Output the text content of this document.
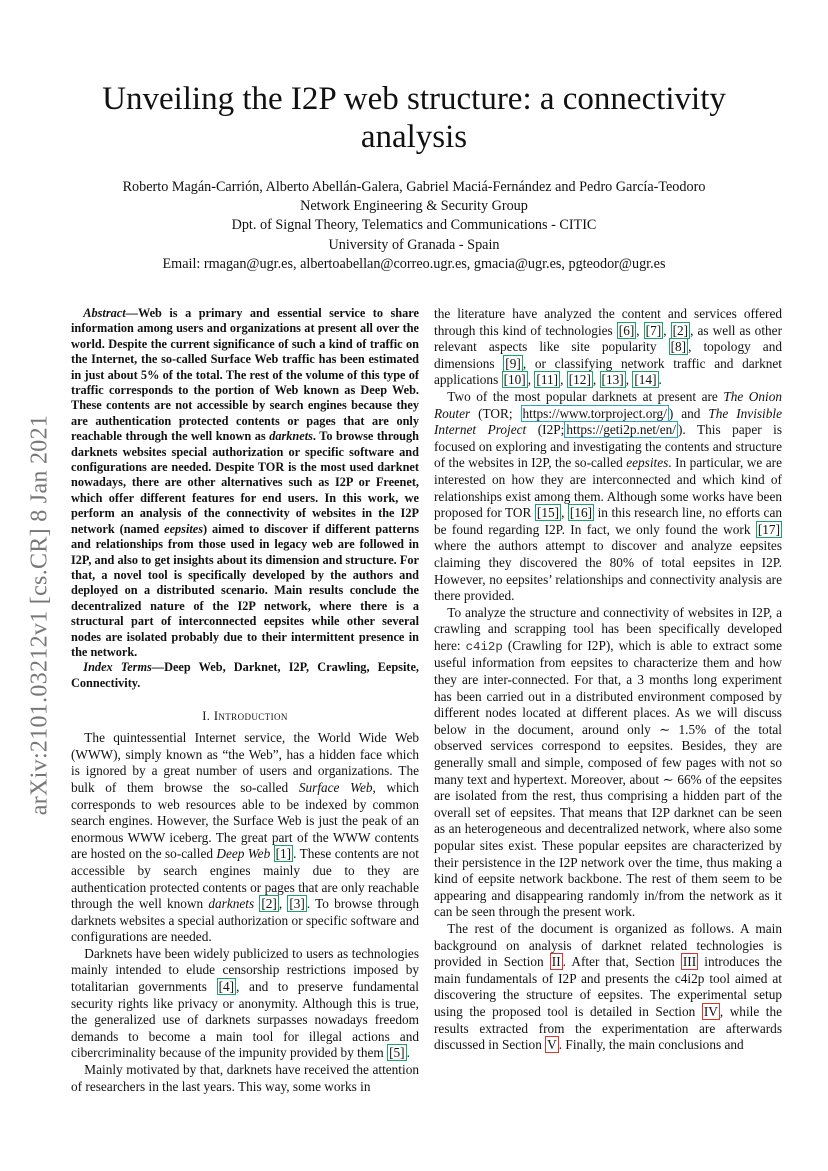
Unveiling the I2P web structure: a connectivity analysis
Roberto Magán-Carrión, Alberto Abellán-Galera, Gabriel Maciá-Fernández and Pedro García-Teodoro
Network Engineering & Security Group
Dpt. of Signal Theory, Telematics and Communications - CITIC
University of Granada - Spain
Email: rmagan@ugr.es, albertoabellan@correo.ugr.es, gmacia@ugr.es, pgteodor@ugr.es
arXiv:2101.03212v1 [cs.CR] 8 Jan 2021

Abstract—Web is a primary and essential service to share information among users and organizations at present all over the world. Despite the current significance of such a kind of traffic on the Internet, the so-called Surface Web traffic has been estimated in just about 5% of the total. The rest of the volume of this type of traffic corresponds to the portion of Web known as Deep Web. These contents are not accessible by search engines because they are authentication protected contents or pages that are only reachable through the well known as darknets. To browse through darknets websites special authorization or specific software and configurations are needed. Despite TOR is the most used darknet nowadays, there are other alternatives such as I2P or Freenet, which offer different features for end users. In this work, we perform an analysis of the connectivity of websites in the I2P network (named eepsites) aimed to discover if different patterns and relationships from those used in legacy web are followed in I2P, and also to get insights about its dimension and structure. For that, a novel tool is specifically developed by the authors and deployed on a distributed scenario. Main results conclude the decentralized nature of the I2P network, where there is a structural part of interconnected eepsites while other several nodes are isolated probably due to their intermittent presence in the network.

Index Terms—Deep Web, Darknet, I2P, Crawling, Eepsite, Connectivity.

I. Introduction

The quintessential Internet service, the World Wide Web (WWW), simply known as “the Web”, has a hidden face which is ignored by a great number of users and organizations. The bulk of them browse the so-called Surface Web, which corresponds to web resources able to be indexed by common search engines. However, the Surface Web is just the peak of an enormous WWW iceberg. The great part of the WWW contents are hosted on the so-called Deep Web [1] . These contents are not accessible by search engines mainly due to they are authentication protected contents or pages that are only reachable through the well known darknets [2] , [3] . To browse through darknets websites a special authorization or specific software and configurations are needed.

Darknets have been widely publicized to users as technologies mainly intended to elude censorship restrictions imposed by totalitarian governments [4] , and to preserve fundamental security rights like privacy or anonymity. Although this is true, the generalized use of darknets surpasses nowadays freedom demands to become a main tool for illegal actions and cibercriminality because of the impunity provided by them [5] .

Mainly motivated by that, darknets have received the attention of researchers in the last years. This way, some works in

the literature have analyzed the content and services offered through this kind of technologies [6] , [7] , [2] , as well as other relevant aspects like site popularity [8] , topology and dimensions [9] , or classifying network traffic and darknet applications [10] , [11] , [12] , [13] , [14] .

Two of the most popular darknets at present are The Onion Router (TOR; https://www.torproject.org/ ) and The Invisible Internet Project (I2P; https://geti2p.net/en/ ). This paper is focused on exploring and investigating the contents and structure of the websites in I2P, the so-called eepsites. In particular, we are interested on how they are interconnected and which kind of relationships exist among them. Although some works have been proposed for TOR [15] , [16] in this research line, no efforts can be found regarding I2P. In fact, we only found the work [17] where the authors attempt to discover and analyze eepsites claiming they discovered the 80% of total eepsites in I2P. However, no eepsites’ relationships and connectivity analysis are there provided.

To analyze the structure and connectivity of websites in I2P, a crawling and scrapping tool has been specifically developed here: c4i2p (Crawling for I2P), which is able to extract some useful information from eepsites to characterize them and how they are inter-connected. For that, a 3 months long experiment has been carried out in a distributed environment composed by different nodes located at different places. As we will discuss below in the document, around only ∼ 1.5% of the total observed services correspond to eepsites. Besides, they are generally small and simple, composed of few pages with not so many text and hypertext. Moreover, about ∼ 66% of the eepsites are isolated from the rest, thus comprising a hidden part of the overall set of eepsites. That means that I2P darknet can be seen as an heterogeneous and decentralized network, where also some popular sites exist. These popular eepsites are characterized by their persistence in the I2P network over the time, thus making a kind of eepsite network backbone. The rest of them seem to be appearing and disappearing randomly in/from the network as it can be seen through the present work.

The rest of the document is organized as follows. A main background on analysis of darknet related technologies is provided in Section II . After that, Section III introduces the main fundamentals of I2P and presents the c4i2p tool aimed at discovering the structure of eepsites. The experimental setup using the proposed tool is detailed in Section IV , while the results extracted from the experimentation are afterwards discussed in Section V . Finally, the main conclusions and
